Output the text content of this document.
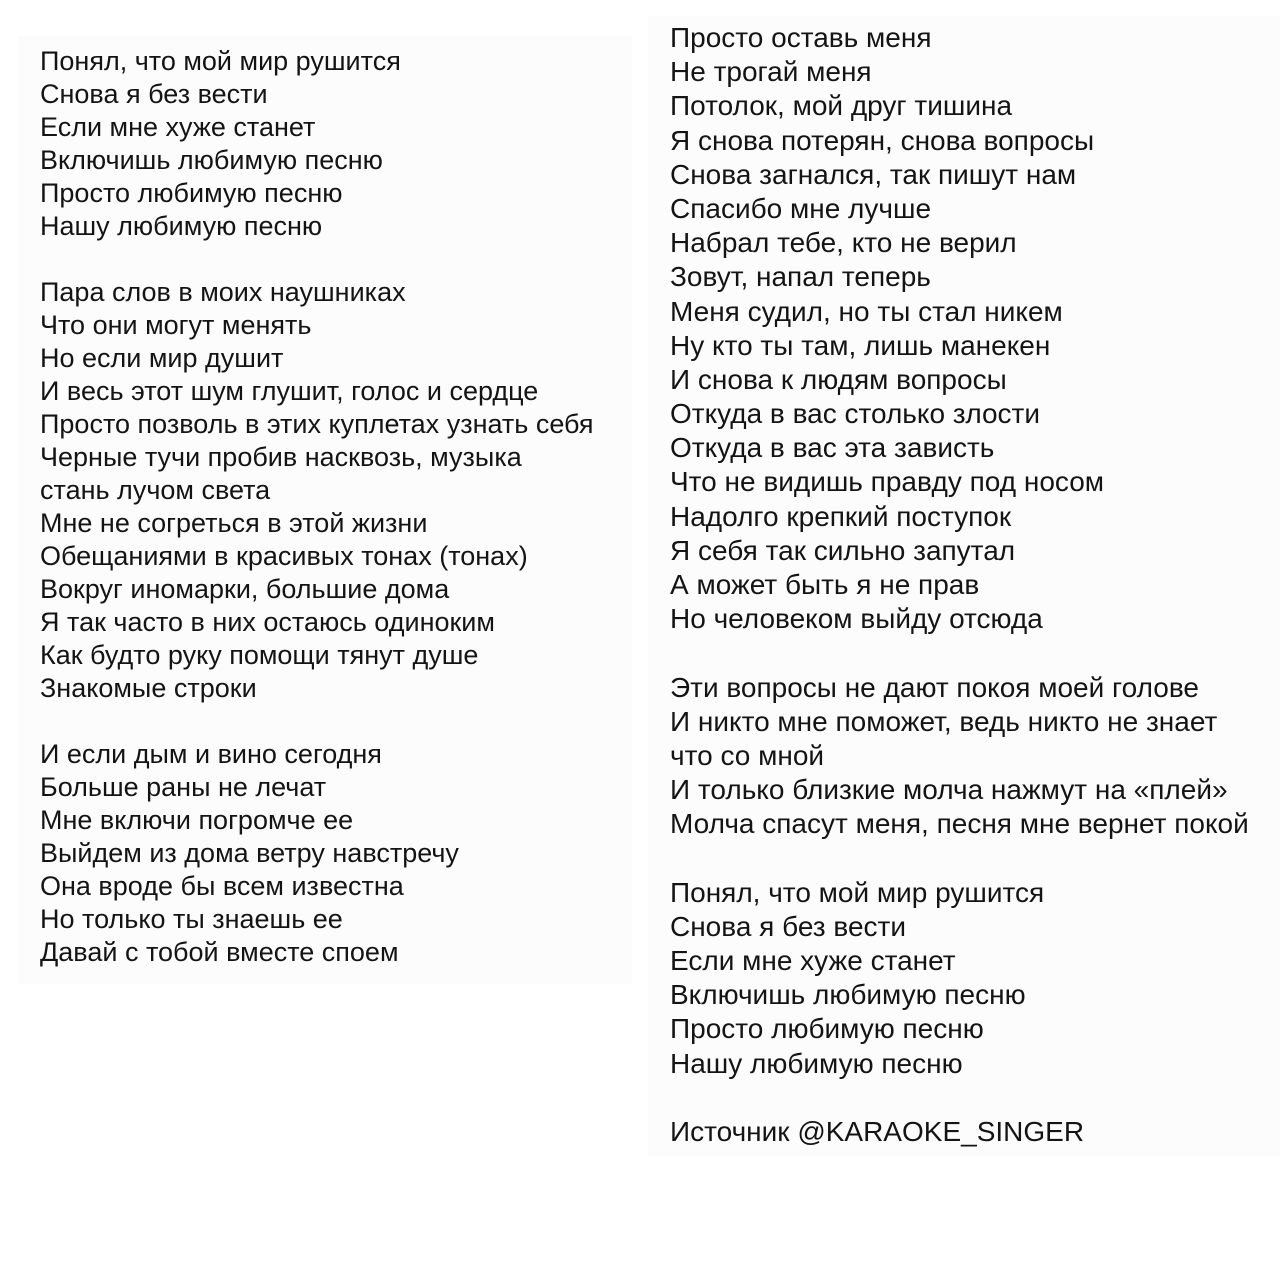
Понял, что мой мир рушится
Снова я без вести
Если мне хуже станет
Включишь любимую песню
Просто любимую песню
Нашу любимую песню
Пара слов в моих наушниках
Что они могут менять
Но если мир душит
И весь этот шум глушит, голос и сердце
Просто позволь в этих куплетах узнать себя
Черные тучи пробив насквозь, музыка
стань лучом света
Мне не согреться в этой жизни
Обещаниями в красивых тонах (тонах)
Вокруг иномарки, большие дома
Я так часто в них остаюсь одиноким
Как будто руку помощи тянут душе
Знакомые строки
И если дым и вино сегодня
Больше раны не лечат
Мне включи погромче ее
Выйдем из дома ветру навстречу
Она вроде бы всем известна
Но только ты знаешь ее
Давай с тобой вместе споем
Просто оставь меня
Не трогай меня
Потолок, мой друг тишина
Я снова потерян, снова вопросы
Снова загнался, так пишут нам
Спасибо мне лучше
Набрал тебе, кто не верил
Зовут, напал теперь
Меня судил, но ты стал никем
Ну кто ты там, лишь манекен
И снова к людям вопросы
Откуда в вас столько злости
Откуда в вас эта зависть
Что не видишь правду под носом
Надолго крепкий поступок
Я себя так сильно запутал
А может быть я не прав
Но человеком выйду отсюда
Эти вопросы не дают покоя моей голове
И никто мне поможет, ведь никто не знает
что со мной
И только близкие молча нажмут на «плей»
Молча спасут меня, песня мне вернет покой
Понял, что мой мир рушится
Снова я без вести
Если мне хуже станет
Включишь любимую песню
Просто любимую песню
Нашу любимую песню
Источник @KARAOKE_SINGER
